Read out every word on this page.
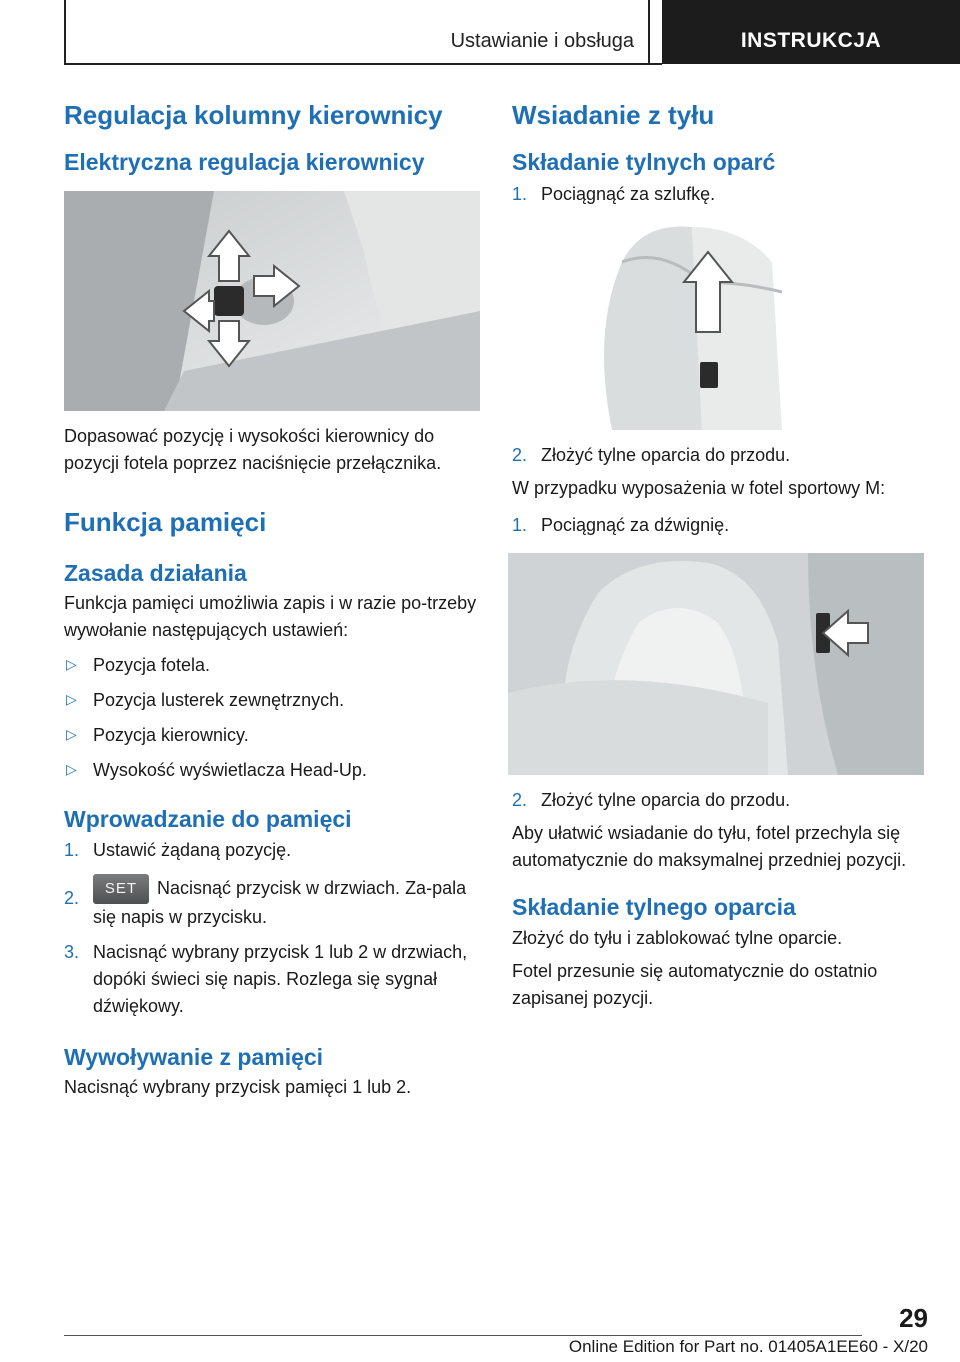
Ustawianie i obsługa	INSTRUKCJA
Regulacja kolumny kierownicy
Elektryczna regulacja kierownicy

Dopasować pozycję i wysokości kierownicy do pozycji fotela poprzez naciśnięcie przełącznika.

Funkcja pamięci
Zasada działania

Funkcja pamięci umożliwia zapis i w razie po-trzeby wywołanie następujących ustawień:

▷ Pozycja fotela.
▷ Pozycja lusterek zewnętrznych.
▷ Pozycja kierownicy.
▷ Wysokość wyświetlacza Head-Up.
Wprowadzanie do pamięci
1. Ustawić żądaną pozycję.
2. SET Nacisnąć przycisk w drzwiach. Za-pala się napis w przycisku.
3. Nacisnąć wybrany przycisk 1 lub 2 w drzwiach, dopóki świeci się napis. Rozlega się sygnał dźwiękowy.
Wywoływanie z pamięci

Nacisnąć wybrany przycisk pamięci 1 lub 2.

Wsiadanie z tyłu
Składanie tylnych oparć
1. Pociągnąć za szlufkę.
2. Złożyć tylne oparcia do przodu.

W przypadku wyposażenia w fotel sportowy M:

1. Pociągnąć za dźwignię.
2. Złożyć tylne oparcia do przodu.

Aby ułatwić wsiadanie do tyłu, fotel przechyla się automatycznie do maksymalnej przedniej pozycji.

Składanie tylnego oparcia

Złożyć do tyłu i zablokować tylne oparcie.

Fotel przesunie się automatycznie do ostatnio zapisanej pozycji.

29
Online Edition for Part no. 01405A1EE60 - X/20
